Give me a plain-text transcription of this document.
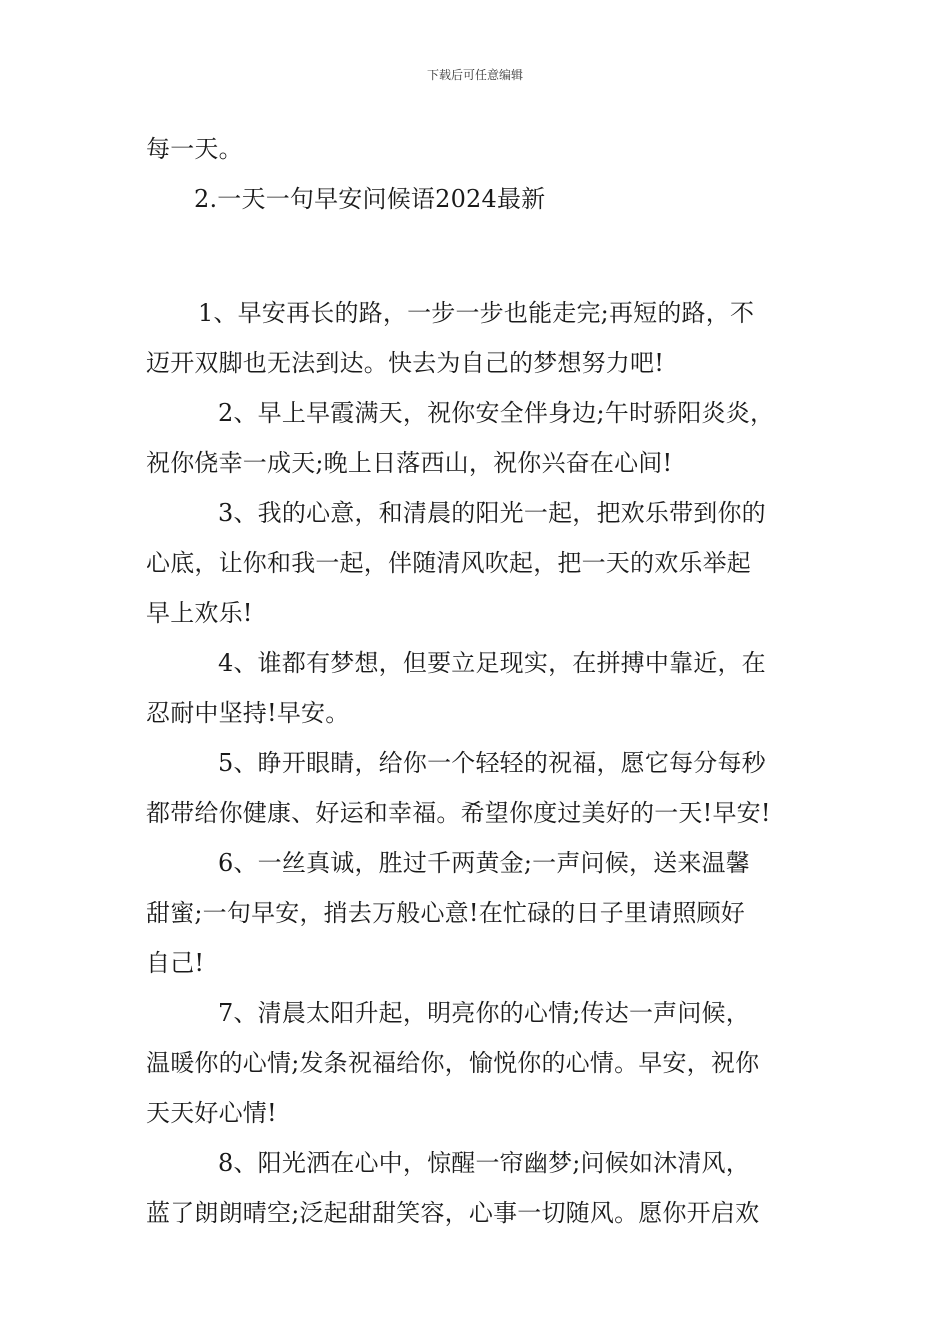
下载后可任意编辑
每一天。
2.一天一句早安问候语2024最新
1、早安再长的路，一步一步也能走完;再短的路，不
迈开双脚也无法到达。快去为自己的梦想努力吧!
2、早上早霞满天，祝你安全伴身边;午时骄阳炎炎，
祝你侥幸一成天;晚上日落西山，祝你兴奋在心间!
3、我的心意，和清晨的阳光一起，把欢乐带到你的
心底，让你和我一起，伴随清风吹起，把一天的欢乐举起
早上欢乐!
4、谁都有梦想，但要立足现实，在拼搏中靠近，在
忍耐中坚持!早安。
5、睁开眼睛，给你一个轻轻的祝福，愿它每分每秒
都带给你健康、好运和幸福。希望你度过美好的一天!早安!
6、一丝真诚，胜过千两黄金;一声问候，送来温馨
甜蜜;一句早安，捎去万般心意!在忙碌的日子里请照顾好
自己!
7、清晨太阳升起，明亮你的心情;传达一声问候，
温暖你的心情;发条祝福给你，愉悦你的心情。早安，祝你
天天好心情!
8、阳光洒在心中，惊醒一帘幽梦;问候如沐清风，
蓝了朗朗晴空;泛起甜甜笑容，心事一切随风。愿你开启欢
